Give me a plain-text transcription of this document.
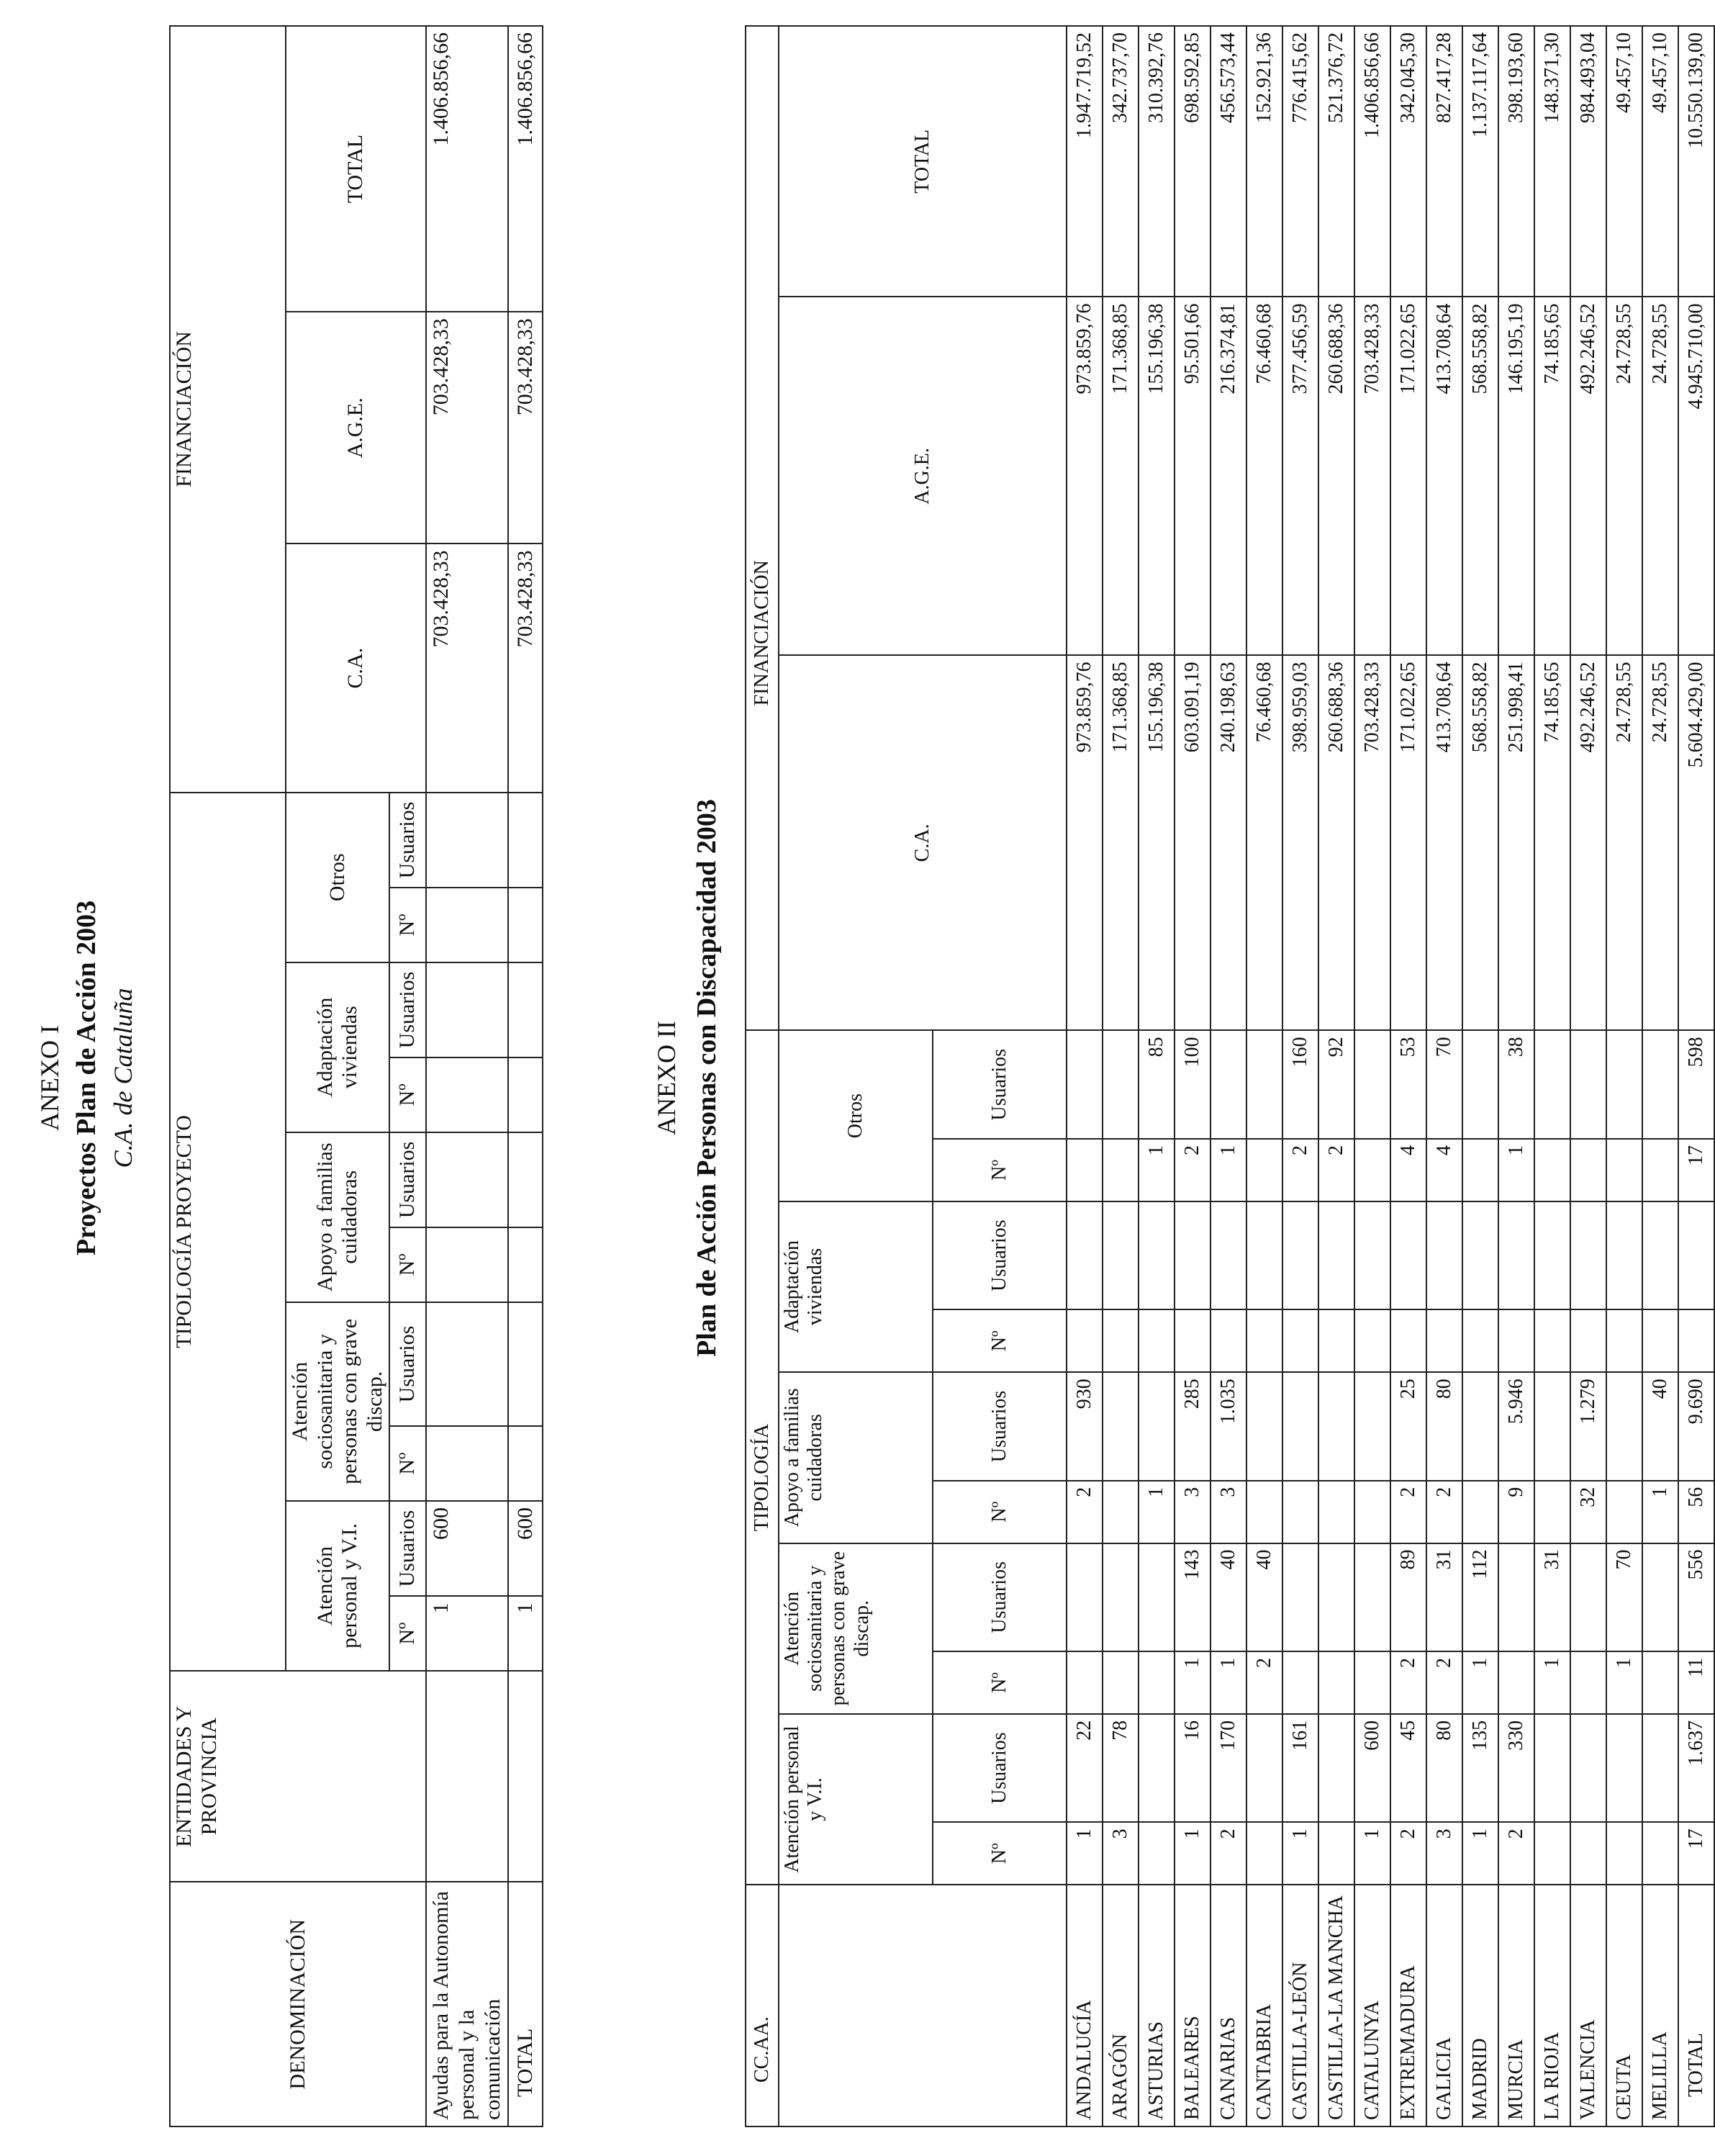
ANEXO I Proyectos Plan de Acción 2003 C.A. de Cataluña
DENOMINACIÓN	ENTIDADES Y PROVINCIA	TIPOLOGÍA PROYECTO										FINANCIACIÓN		
		Atención personal y V.I.		Atención sociosanitaria y personas con grave discap.		Apoyo a familias cuidadoras		Adaptación viviendas		Otros		C.A.	A.G.E.	TOTAL
		Nº	Usuarios	Nº	Usuarios	Nº	Usuarios	Nº	Usuarios	Nº	Usuarios			
Ayudas para la Autonomía personal y la comunicación		1	600									703.428,33	703.428,33	1.406.856,66
TOTAL		1	600									703.428,33	703.428,33	1.406.856,66
ANEXO II Plan de Acción Personas con Discapacidad 2003
CC.AA.	TIPOLOGÍA										FINANCIACIÓN		
	Atención personal y V.I.		Atención sociosanitaria y personas con grave discap.		Apoyo a familias cuidadoras		Adaptación viviendas		Otros		C.A.	A.G.E.	TOTAL
	Nº	Usuarios	Nº	Usuarios	Nº	Usuarios	Nº	Usuarios	Nº	Usuarios			
ANDALUCÍA	1	22			2	930					973.859,76	973.859,76	1.947.719,52
ARAGÓN	3	78									171.368,85	171.368,85	342.737,70
ASTURIAS					1				1	85	155.196,38	155.196,38	310.392,76
BALEARES	1	16	1	143	3	285			2	100	603.091,19	95.501,66	698.592,85
CANARIAS	2	170	1	40	3	1.035			1		240.198,63	216.374,81	456.573,44
CANTABRIA			2	40							76.460,68	76.460,68	152.921,36
CASTILLA-LEÓN	1	161							2	160	398.959,03	377.456,59	776.415,62
CASTILLA-LA MANCHA									2	92	260.688,36	260.688,36	521.376,72
CATALUNYA	1	600									703.428,33	703.428,33	1.406.856,66
EXTREMADURA	2	45	2	89	2	25			4	53	171.022,65	171.022,65	342.045,30
GALICIA	3	80	2	31	2	80			4	70	413.708,64	413.708,64	827.417,28
MADRID	1	135	1	112							568.558,82	568.558,82	1.137.117,64
MURCIA	2	330			9	5.946			1	38	251.998,41	146.195,19	398.193,60
LA RIOJA			1	31							74.185,65	74.185,65	148.371,30
VALENCIA					32	1.279					492.246,52	492.246,52	984.493,04
CEUTA			1	70							24.728,55	24.728,55	49.457,10
MELILLA					1	40					24.728,55	24.728,55	49.457,10
TOTAL	17	1.637	11	556	56	9.690			17	598	5.604.429,00	4.945.710,00	10.550.139,00
